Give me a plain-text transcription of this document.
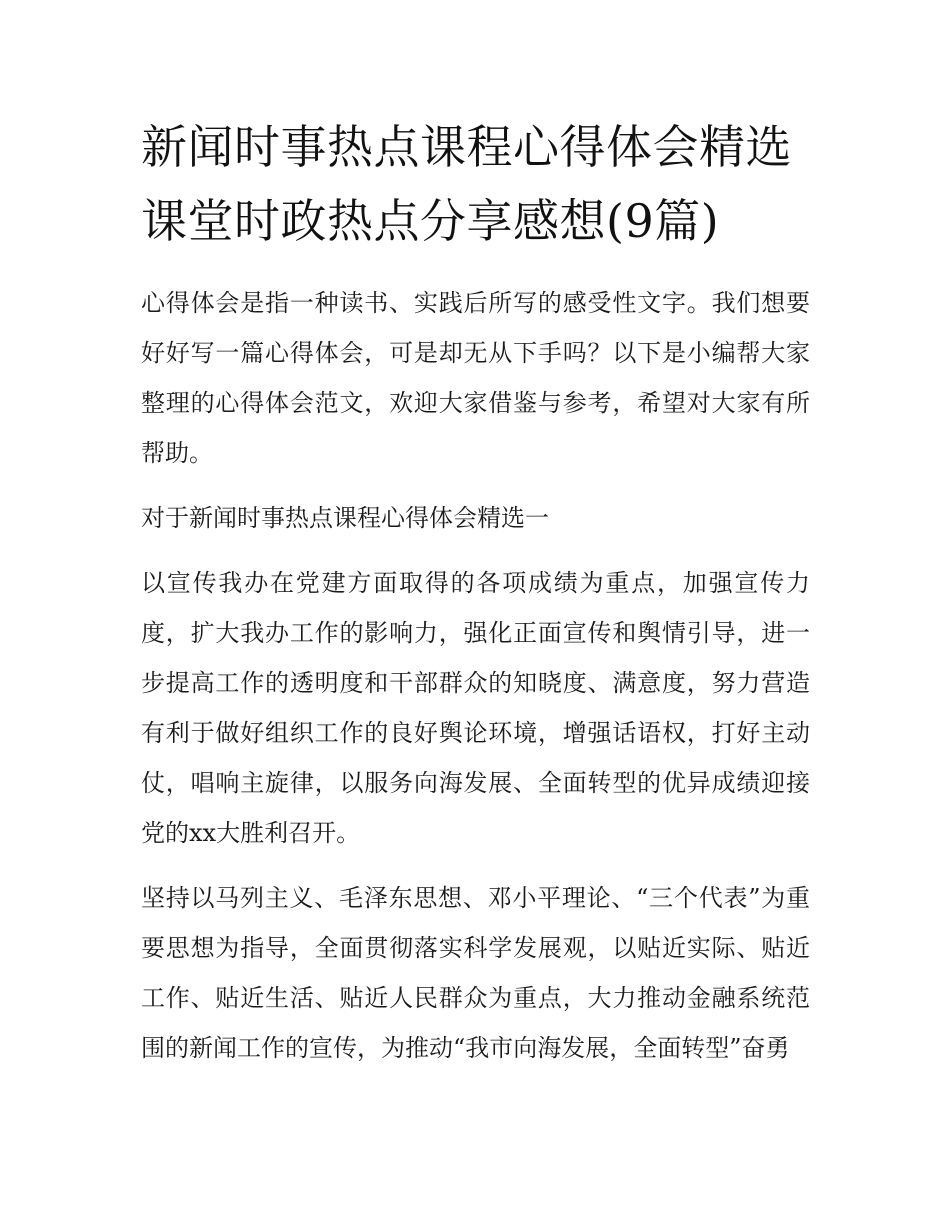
新闻时事热点课程心得体会精选 课堂时政热点分享感想(9篇)

心得体会是指一种读书、实践后所写的感受性文字。我们想要好好写一篇心得体会，可是却无从下手吗？以下是小编帮大家整理的心得体会范文，欢迎大家借鉴与参考，希望对大家有所帮助。

对于新闻时事热点课程心得体会精选一

以宣传我办在党建方面取得的各项成绩为重点，加强宣传力度，扩大我办工作的影响力，强化正面宣传和舆情引导，进一步提高工作的透明度和干部群众的知晓度、满意度，努力营造有利于做好组织工作的良好舆论环境，增强话语权，打好主动仗，唱响主旋律，以服务向海发展、全面转型的优异成绩迎接党的xx大胜利召开。

坚持以马列主义、毛泽东思想、邓小平理论、“三个代表”为重要思想为指导，全面贯彻落实科学发展观，以贴近实际、贴近工作、贴近生活、贴近人民群众为重点，大力推动金融系统范围的新闻工作的宣传，为推动“我市向海发展，全面转型”奋勇
